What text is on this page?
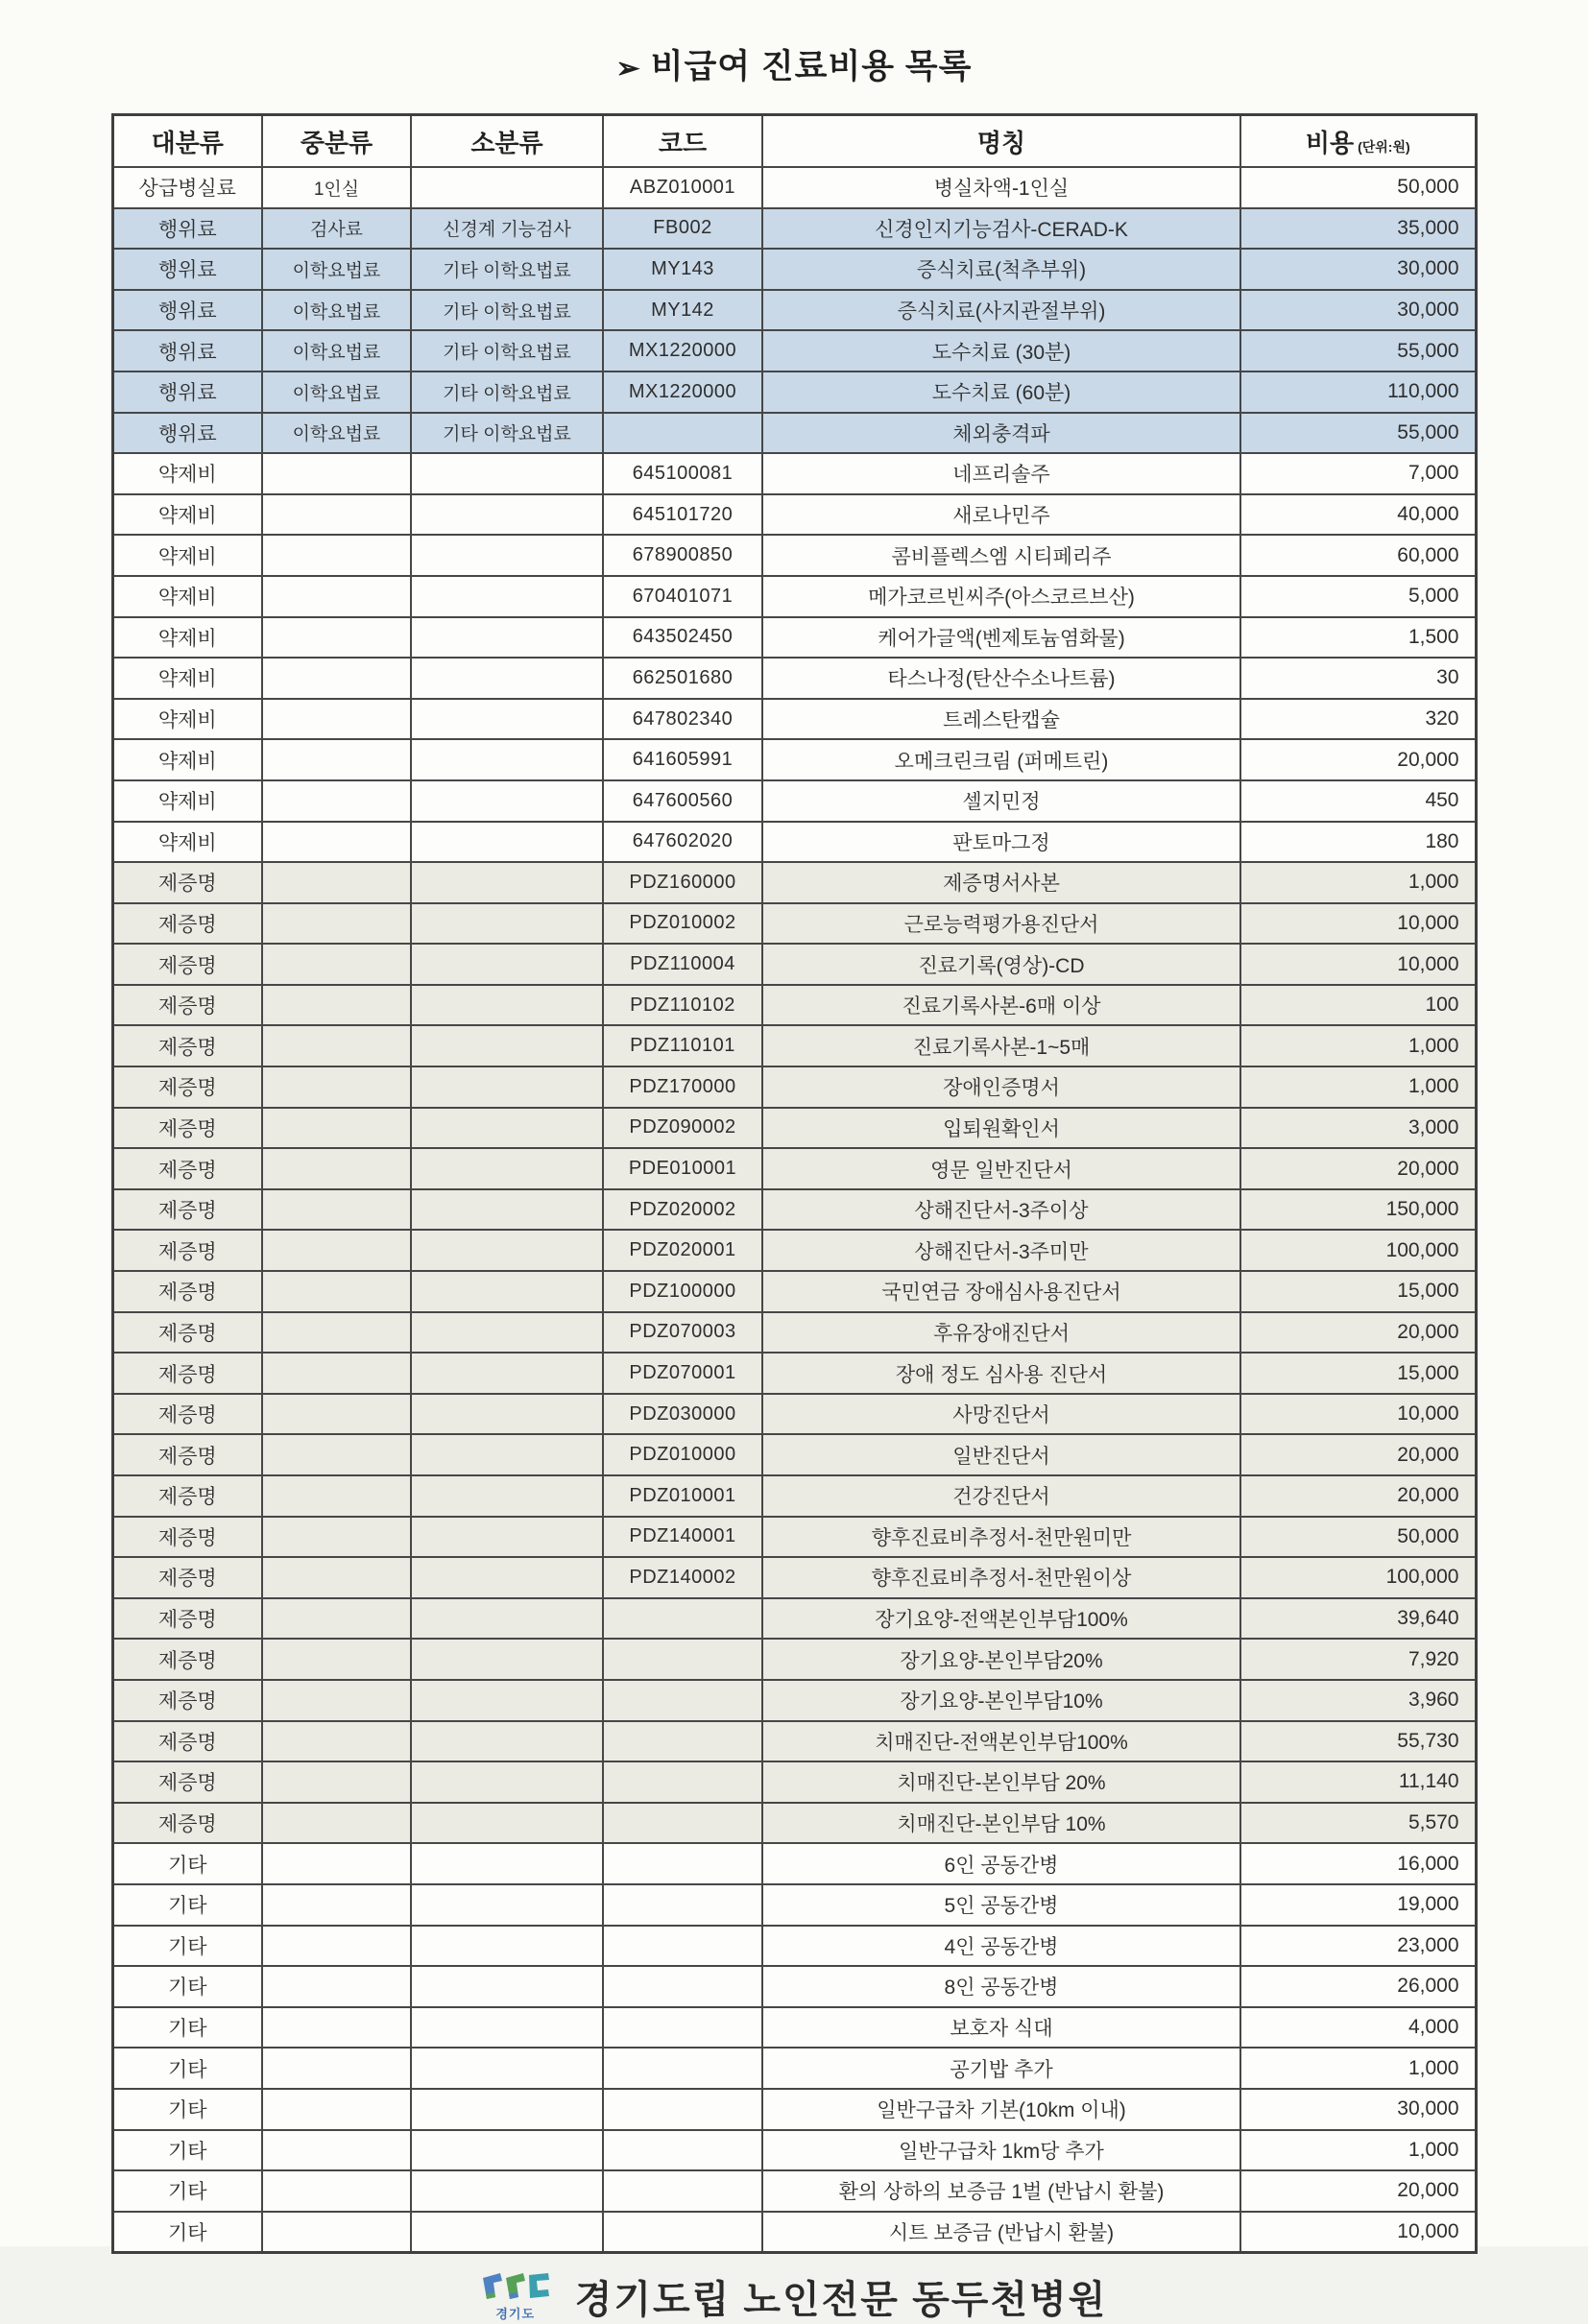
➢ 비급여 진료비용 목록
대분류	중분류	소분류	코드	명칭	비용 (단위:원)
상급병실료	1인실		ABZ010001	병실차액-1인실	50,000
행위료	검사료	신경계 기능검사	FB002	신경인지기능검사-CERAD-K	35,000
행위료	이학요법료	기타 이학요법료	MY143	증식치료(척추부위)	30,000
행위료	이학요법료	기타 이학요법료	MY142	증식치료(사지관절부위)	30,000
행위료	이학요법료	기타 이학요법료	MX1220000	도수치료 (30분)	55,000
행위료	이학요법료	기타 이학요법료	MX1220000	도수치료 (60분)	110,000
행위료	이학요법료	기타 이학요법료		체외충격파	55,000
약제비			645100081	네프리솔주	7,000
약제비			645101720	새로나민주	40,000
약제비			678900850	콤비플렉스엠 시티페리주	60,000
약제비			670401071	메가코르빈씨주(아스코르브산)	5,000
약제비			643502450	케어가글액(벤제토늄염화물)	1,500
약제비			662501680	타스나정(탄산수소나트륨)	30
약제비			647802340	트레스탄캡슐	320
약제비			641605991	오메크린크림 (퍼메트린)	20,000
약제비			647600560	셀지민정	450
약제비			647602020	판토마그정	180
제증명			PDZ160000	제증명서사본	1,000
제증명			PDZ010002	근로능력평가용진단서	10,000
제증명			PDZ110004	진료기록(영상)-CD	10,000
제증명			PDZ110102	진료기록사본-6매 이상	100
제증명			PDZ110101	진료기록사본-1~5매	1,000
제증명			PDZ170000	장애인증명서	1,000
제증명			PDZ090002	입퇴원확인서	3,000
제증명			PDE010001	영문 일반진단서	20,000
제증명			PDZ020002	상해진단서-3주이상	150,000
제증명			PDZ020001	상해진단서-3주미만	100,000
제증명			PDZ100000	국민연금 장애심사용진단서	15,000
제증명			PDZ070003	후유장애진단서	20,000
제증명			PDZ070001	장애 정도 심사용 진단서	15,000
제증명			PDZ030000	사망진단서	10,000
제증명			PDZ010000	일반진단서	20,000
제증명			PDZ010001	건강진단서	20,000
제증명			PDZ140001	향후진료비추정서-천만원미만	50,000
제증명			PDZ140002	향후진료비추정서-천만원이상	100,000
제증명				장기요양-전액본인부담100%	39,640
제증명				장기요양-본인부담20%	7,920
제증명				장기요양-본인부담10%	3,960
제증명				치매진단-전액본인부담100%	55,730
제증명				치매진단-본인부담 20%	11,140
제증명				치매진단-본인부담 10%	5,570
기타				6인 공동간병	16,000
기타				5인 공동간병	19,000
기타				4인 공동간병	23,000
기타				8인 공동간병	26,000
기타				보호자 식대	4,000
기타				공기밥 추가	1,000
기타				일반구급차 기본(10km 이내)	30,000
기타				일반구급차 1km당 추가	1,000
기타				환의 상하의 보증금 1벌 (반납시 환불)	20,000
기타				시트 보증금 (반납시 환불)	10,000
경기도 경기도립 노인전문 동두천병원
